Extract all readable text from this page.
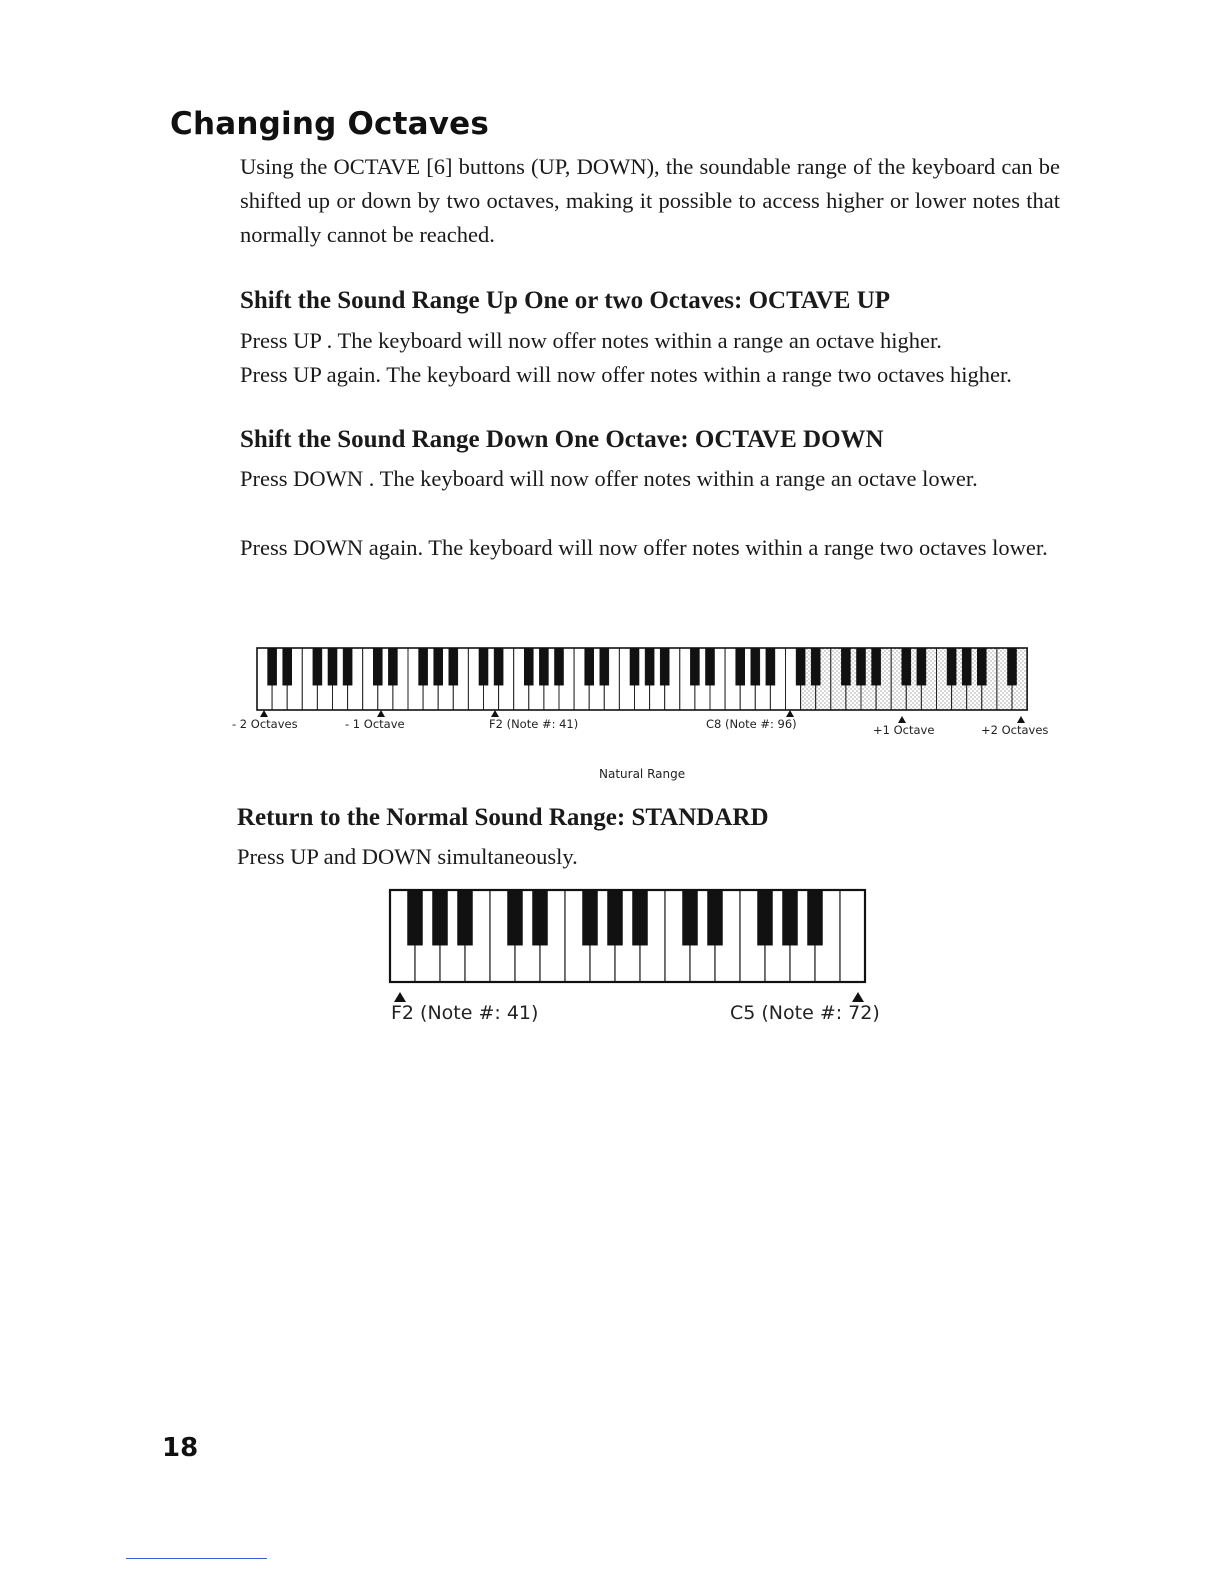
Changing Octaves

Using the OCTAVE [6] buttons (UP, DOWN), the soundable range of the keyboard can be shifted up or down by two octaves, making it possible to access higher or lower notes that normally cannot be reached.

Shift the Sound Range Up One or two Octaves: OCTAVE UP

Press UP . The keyboard will now offer notes within a range an octave higher.

Press UP again. The keyboard will now offer notes within a range two octaves higher.

Shift the Sound Range Down One Octave: OCTAVE DOWN

Press DOWN . The keyboard will now offer notes within a range an octave lower.

Press DOWN again. The keyboard will now offer notes within a range two octaves lower.

- 2 Octaves	- 1 Octave	F2 (Note #: 41)	C8 (Note #: 96)	+1 Octave	+2 Octaves
Natural Range
Return to the Normal Sound Range: STANDARD

Press UP and DOWN simultaneously.

F2 (Note #: 41)	C5 (Note #: 72)
18
